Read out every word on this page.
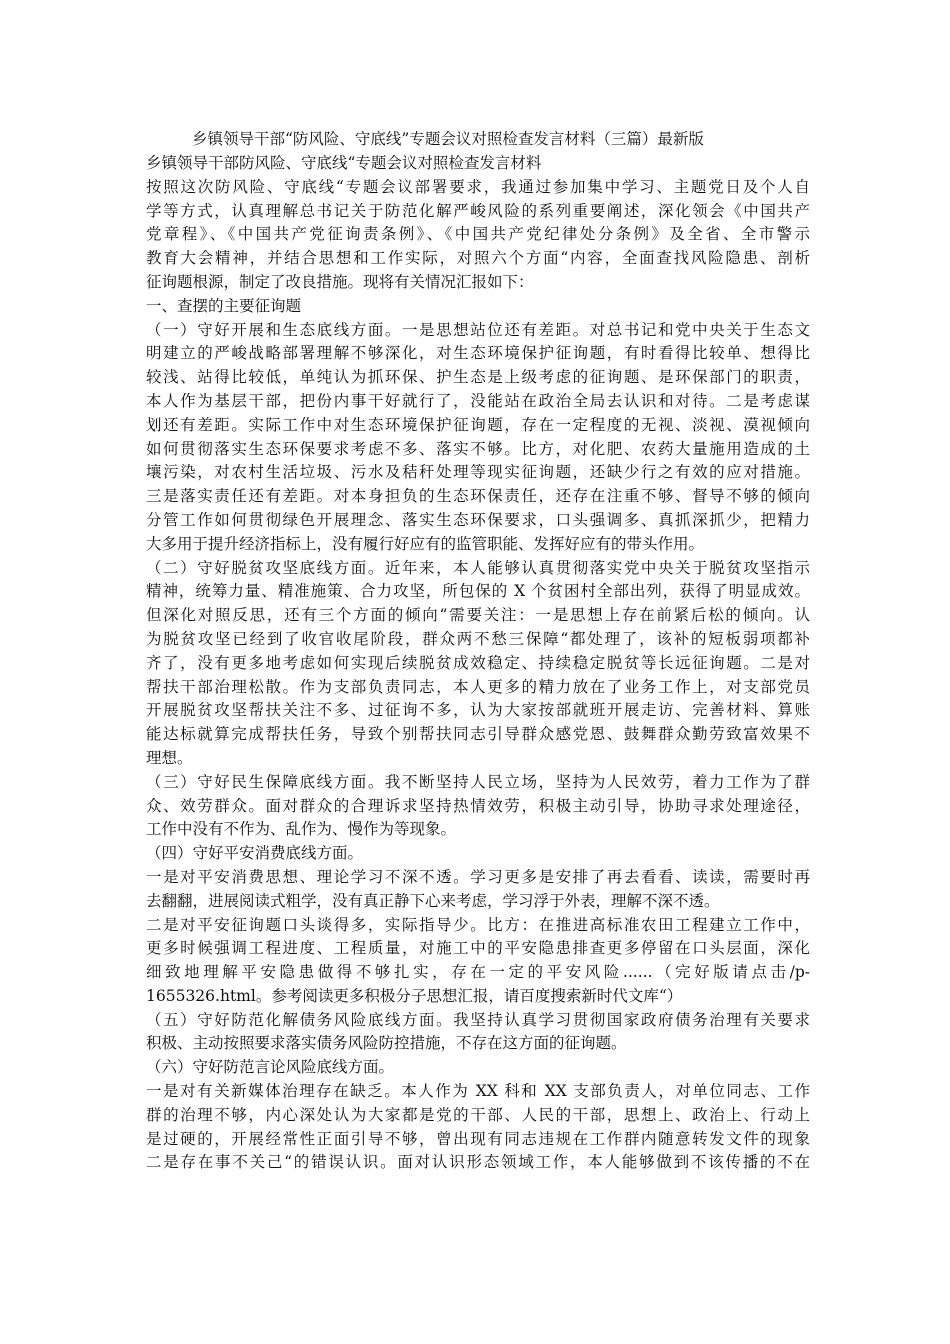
乡镇领导干部“防风险、守底线”专题会议对照检查发言材料（三篇）最新版
乡镇领导干部防风险、守底线“专题会议对照检查发言材料
按照这次防风险、守底线“专题会议部署要求，我通过参加集中学习、主题党日及个人自
学等方式，认真理解总书记关于防范化解严峻风险的系列重要阐述，深化领会《中国共产
党章程》、《中国共产党征询责条例》、《中国共产党纪律处分条例》及全省、全市警示
教育大会精神，并结合思想和工作实际，对照六个方面“内容，全面查找风险隐患、剖析
征询题根源，制定了改良措施。现将有关情况汇报如下：
一、查摆的主要征询题
（一）守好开展和生态底线方面。一是思想站位还有差距。对总书记和党中央关于生态文
明建立的严峻战略部署理解不够深化，对生态环境保护征询题，有时看得比较单、想得比
较浅、站得比较低，单纯认为抓环保、护生态是上级考虑的征询题、是环保部门的职责，
本人作为基层干部，把份内事干好就行了，没能站在政治全局去认识和对待。二是考虑谋
划还有差距。实际工作中对生态环境保护征询题，存在一定程度的无视、淡视、漠视倾向
如何贯彻落实生态环保要求考虑不多、落实不够。比方，对化肥、农药大量施用造成的土
壤污染，对农村生活垃圾、污水及秸秆处理等现实征询题，还缺少行之有效的应对措施。
三是落实责任还有差距。对本身担负的生态环保责任，还存在注重不够、督导不够的倾向
分管工作如何贯彻绿色开展理念、落实生态环保要求，口头强调多、真抓深抓少，把精力
大多用于提升经济指标上，没有履行好应有的监管职能、发挥好应有的带头作用。
（二）守好脱贫攻坚底线方面。近年来，本人能够认真贯彻落实党中央关于脱贫攻坚指示
精神，统筹力量、精准施策、合力攻坚，所包保的 X 个贫困村全部出列，获得了明显成效。
但深化对照反思，还有三个方面的倾向“需要关注：一是思想上存在前紧后松的倾向。认
为脱贫攻坚已经到了收官收尾阶段，群众两不愁三保障“都处理了，该补的短板弱项都补
齐了，没有更多地考虑如何实现后续脱贫成效稳定、持续稳定脱贫等长远征询题。二是对
帮扶干部治理松散。作为支部负责同志，本人更多的精力放在了业务工作上，对支部党员
开展脱贫攻坚帮扶关注不多、过征询不多，认为大家按部就班开展走访、完善材料、算账
能达标就算完成帮扶任务，导致个别帮扶同志引导群众感党恩、鼓舞群众勤劳致富效果不
理想。
（三）守好民生保障底线方面。我不断坚持人民立场，坚持为人民效劳，着力工作为了群
众、效劳群众。面对群众的合理诉求坚持热情效劳，积极主动引导，协助寻求处理途径，
工作中没有不作为、乱作为、慢作为等现象。
（四）守好平安消费底线方面。
一是对平安消费思想、理论学习不深不透。学习更多是安排了再去看看、读读，需要时再
去翻翻，进展阅读式粗学，没有真正静下心来考虑，学习浮于外表，理解不深不透。
二是对平安征询题口头谈得多，实际指导少。比方：在推进高标准农田工程建立工作中，
更多时候强调工程进度、工程质量，对施工中的平安隐患排查更多停留在口头层面，深化
细致地理解平安隐患做得不够扎实，存在一定的平安风险......（完好版请点击/p-
1655326.html。参考阅读更多积极分子思想汇报，请百度搜索新时代文库“）
（五）守好防范化解债务风险底线方面。我坚持认真学习贯彻国家政府债务治理有关要求
积极、主动按照要求落实债务风险防控措施，不存在这方面的征询题。
（六）守好防范言论风险底线方面。
一是对有关新媒体治理存在缺乏。本人作为 XX 科和 XX 支部负责人，对单位同志、工作
群的治理不够，内心深处认为大家都是党的干部、人民的干部，思想上、政治上、行动上
是过硬的，开展经常性正面引导不够，曾出现有同志违规在工作群内随意转发文件的现象
二是存在事不关己“的错误认识。面对认识形态领域工作，本人能够做到不该传播的不在
